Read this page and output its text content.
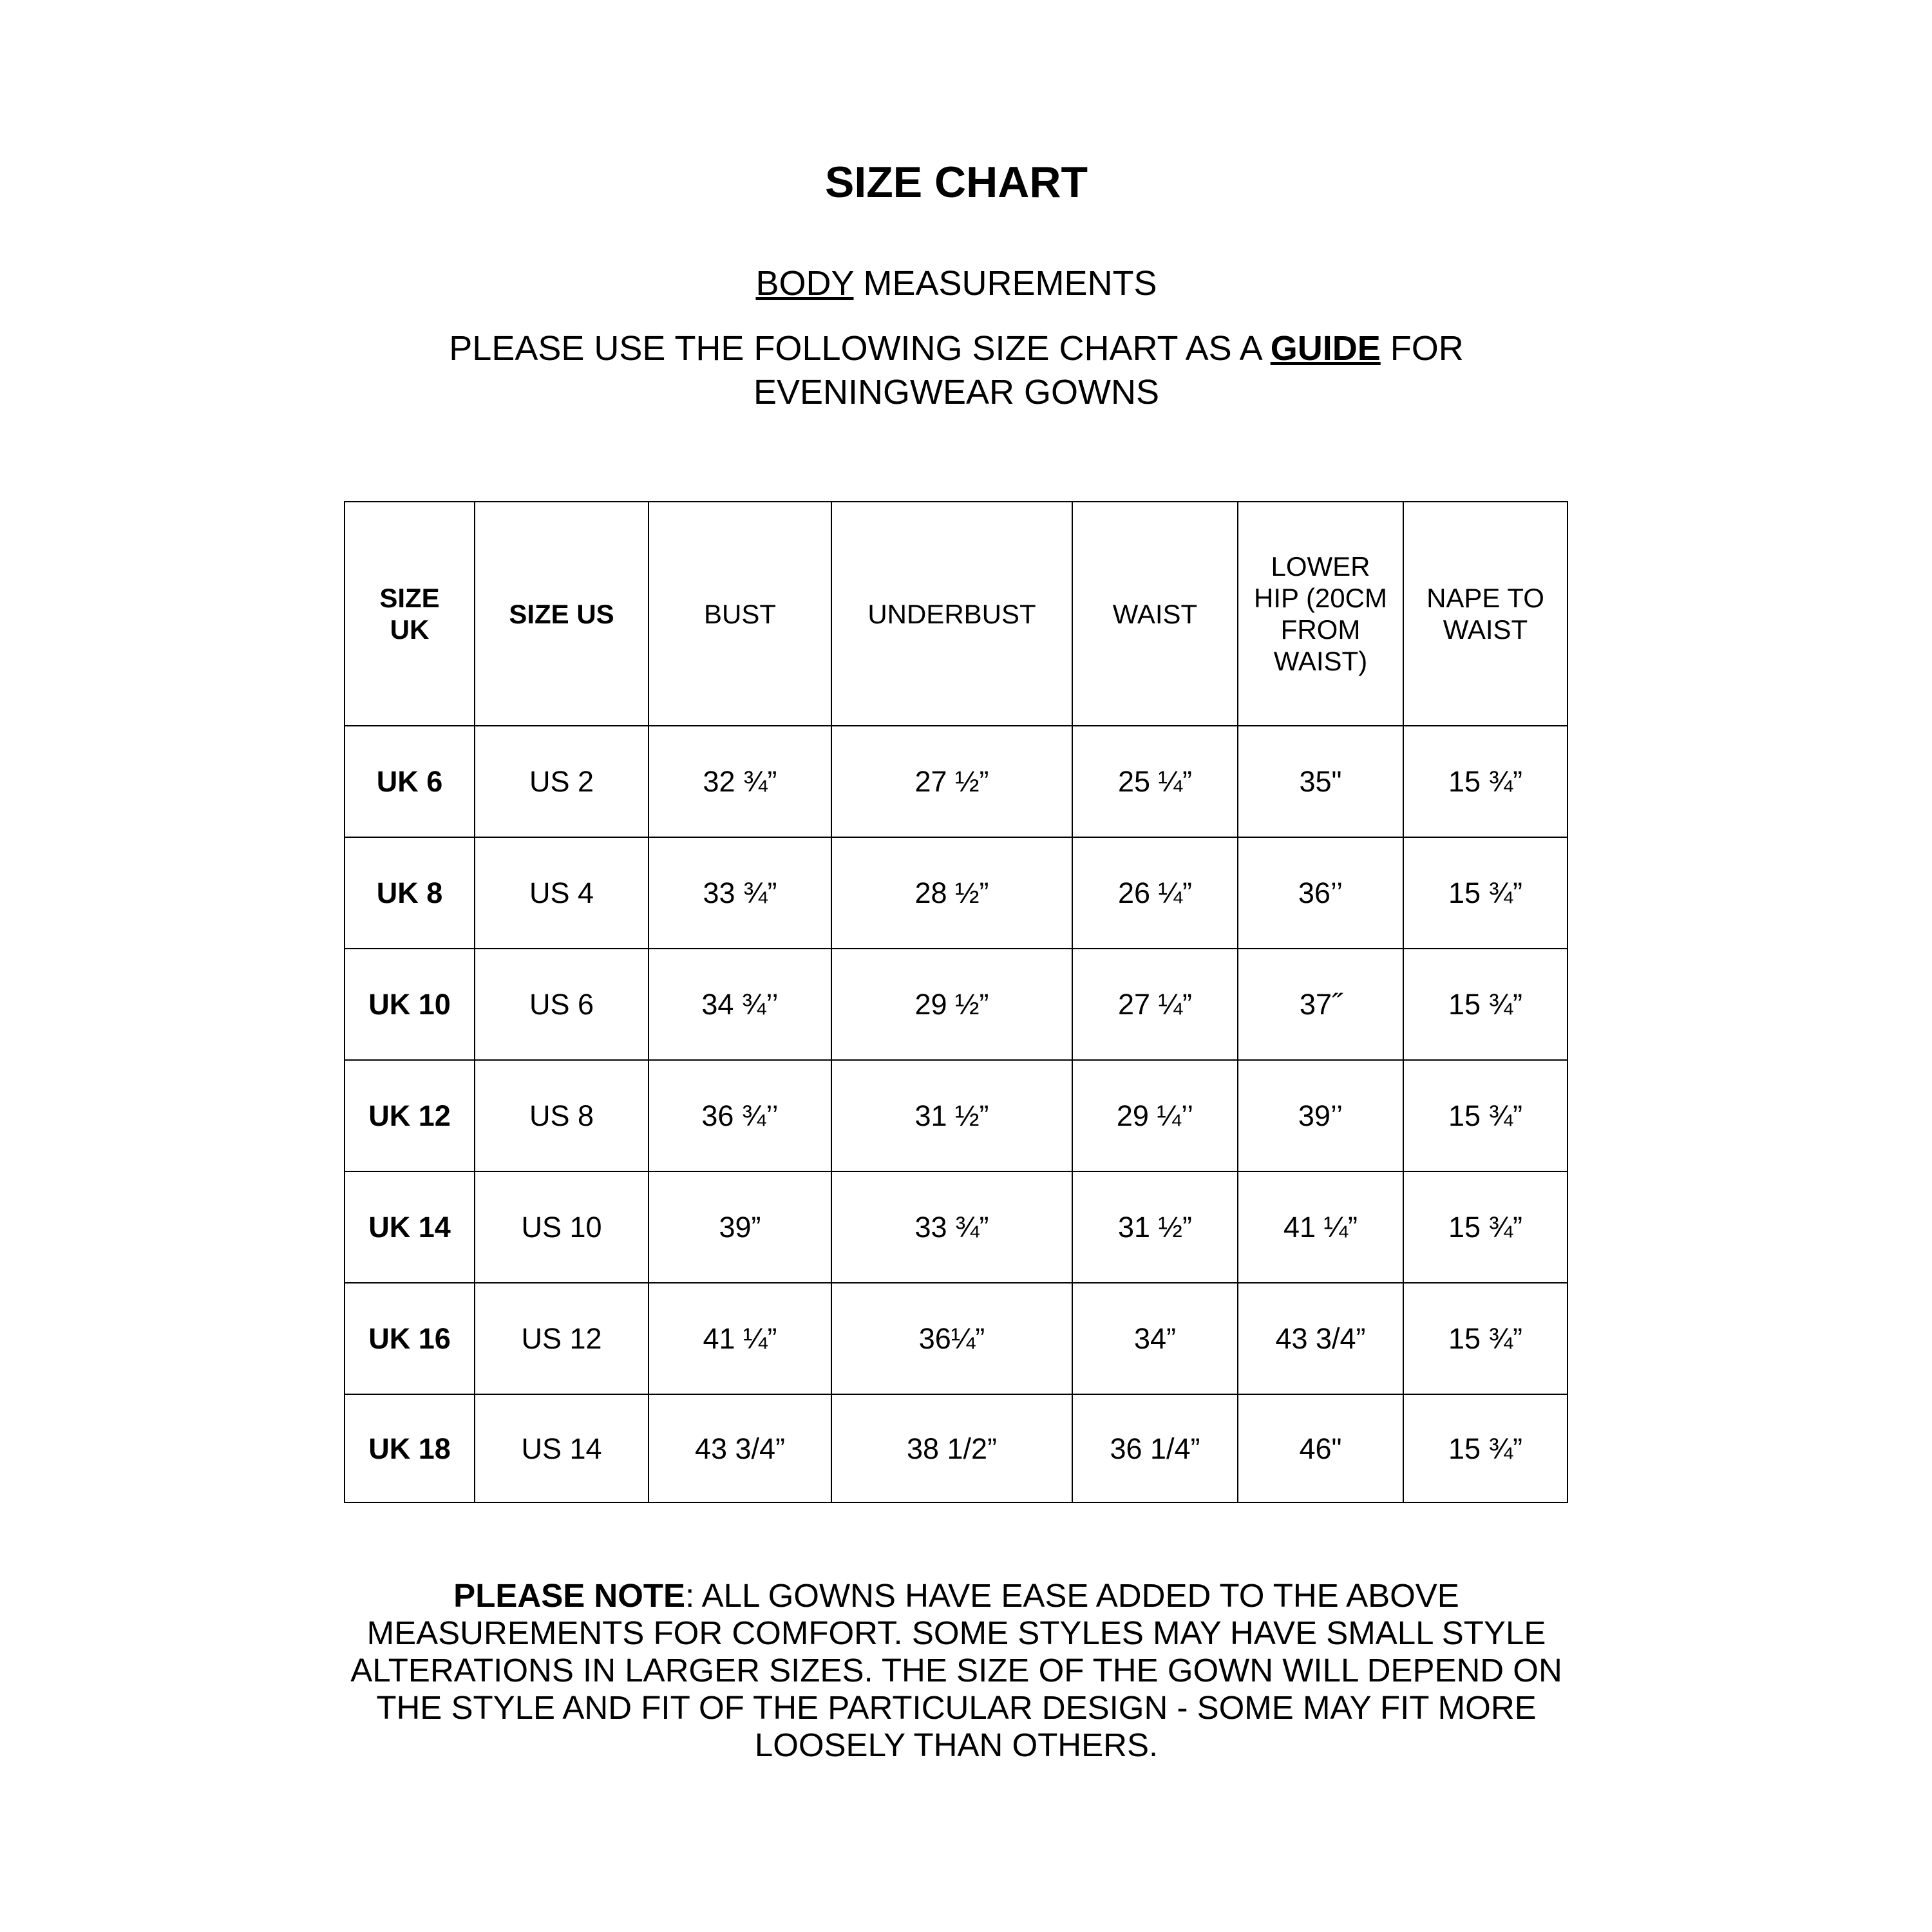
SIZE CHART
BODY MEASUREMENTS
PLEASE USE THE FOLLOWING SIZE CHART AS A GUIDE FOR
EVENINGWEAR GOWNS
SIZE UK	SIZE US	BUST	UNDERBUST	WAIST	LOWER HIP (20CM FROM WAIST)	NAPE TO WAIST
UK 6	US 2	32 ¾”	27 ½”	25 ¼”	35"	15 ¾”
UK 8	US 4	33 ¾”	28 ½”	26 ¼”	36’’	15 ¾”
UK 10	US 6	34 ¾’’	29 ½”	27 ¼”	37˝	15 ¾”
UK 12	US 8	36 ¾’’	31 ½”	29 ¼’’	39’’	15 ¾”
UK 14	US 10	39”	33 ¾”	31 ½”	41 ¼”	15 ¾”
UK 16	US 12	41 ¼”	36¼”	34”	43 3/4”	15 ¾”
UK 18	US 14	43 3/4”	38 1/2”	36 1/4”	46"	15 ¾”
PLEASE NOTE: ALL GOWNS HAVE EASE ADDED TO THE ABOVE MEASUREMENTS FOR COMFORT. SOME STYLES MAY HAVE SMALL STYLE ALTERATIONS IN LARGER SIZES. THE SIZE OF THE GOWN WILL DEPEND ON THE STYLE AND FIT OF THE PARTICULAR DESIGN - SOME MAY FIT MORE LOOSELY THAN OTHERS.
